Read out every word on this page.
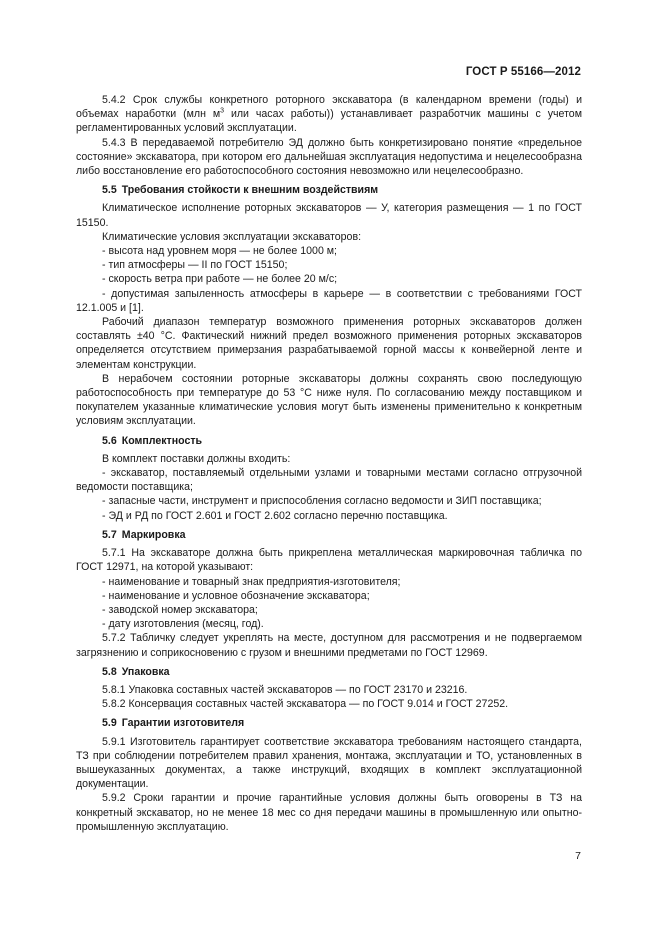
ГОСТ Р 55166—2012

5.4.2 Срок службы конкретного роторного экскаватора (в календарном времени (годы) и объемах наработки (млн $м^3$ или часах работы)) устанавливает разработчик машины с учетом регламентированных условий эксплуатации.

5.4.3 В передаваемой потребителю ЭД должно быть конкретизировано понятие «предельное состояние» экскаватора, при котором его дальнейшая эксплуатация недопустима и нецелесообразна либо восстановление его работоспособного состояния невозможно или нецелесообразно.

5.5 Требования стойкости к внешним воздействиям

Климатическое исполнение роторных экскаваторов — У, категория размещения — 1 по ГОСТ 15150.

Климатические условия эксплуатации экскаваторов:

- высота над уровнем моря — не более 1000 м;

- тип атмосферы — II по ГОСТ 15150;

- скорость ветра при работе — не более 20 м/с;

- допустимая запыленность атмосферы в карьере — в соответствии с требованиями ГОСТ 12.1.005 и [1].

Рабочий диапазон температур возможного применения роторных экскаваторов должен составлять ±40 °С. Фактический нижний предел возможного применения роторных экскаваторов определяется отсутствием примерзания разрабатываемой горной массы к конвейерной ленте и элементам конструкции.

В нерабочем состоянии роторные экскаваторы должны сохранять свою последующую работоспособность при температуре до 53 °С ниже нуля. По согласованию между поставщиком и покупателем указанные климатические условия могут быть изменены применительно к конкретным условиям эксплуатации.

5.6 Комплектность

В комплект поставки должны входить:

- экскаватор, поставляемый отдельными узлами и товарными местами согласно отгрузочной ведомости поставщика;

- запасные части, инструмент и приспособления согласно ведомости и ЗИП поставщика;

- ЭД и РД по ГОСТ 2.601 и ГОСТ 2.602 согласно перечню поставщика.

5.7 Маркировка

5.7.1 На экскаваторе должна быть прикреплена металлическая маркировочная табличка по ГОСТ 12971, на которой указывают:

- наименование и товарный знак предприятия-изготовителя;

- наименование и условное обозначение экскаватора;

- заводской номер экскаватора;

- дату изготовления (месяц, год).

5.7.2 Табличку следует укреплять на месте, доступном для рассмотрения и не подвергаемом загрязнению и соприкосновению с грузом и внешними предметами по ГОСТ 12969.

5.8 Упаковка

5.8.1 Упаковка составных частей экскаваторов — по ГОСТ 23170 и 23216.

5.8.2 Консервация составных частей экскаватора — по ГОСТ 9.014 и ГОСТ 27252.

5.9 Гарантии изготовителя

5.9.1 Изготовитель гарантирует соответствие экскаватора требованиям настоящего стандарта, ТЗ при соблюдении потребителем правил хранения, монтажа, эксплуатации и ТО, установленных в вышеуказанных документах, а также инструкций, входящих в комплект эксплуатационной документации.

5.9.2 Сроки гарантии и прочие гарантийные условия должны быть оговорены в ТЗ на конкретный экскаватор, но не менее 18 мес со дня передачи машины в промышленную или опытно-промышленную эксплуатацию.

7
